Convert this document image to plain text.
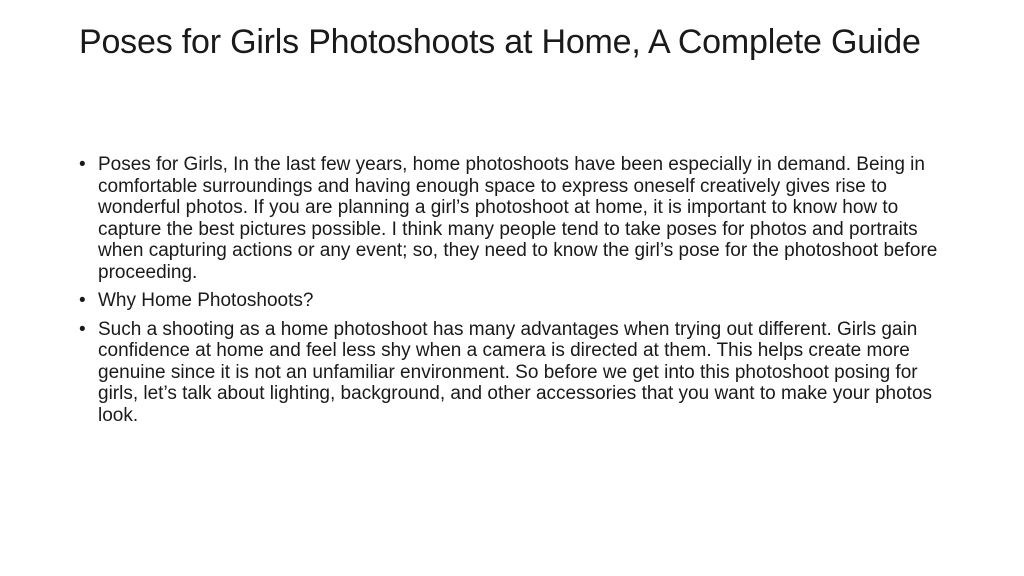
Poses for Girls Photoshoots at Home, A Complete Guide
• Poses for Girls, In the last few years, home photoshoots have been especially in demand. Being in comfortable surroundings and having enough space to express oneself creatively gives rise to wonderful photos. If you are planning a girl’s photoshoot at home, it is important to know how to capture the best pictures possible. I think many people tend to take poses for photos and portraits when capturing actions or any event; so, they need to know the girl’s pose for the photoshoot before proceeding.
• Why Home Photoshoots?
• Such a shooting as a home photoshoot has many advantages when trying out different. Girls gain confidence at home and feel less shy when a camera is directed at them. This helps create more genuine since it is not an unfamiliar environment. So before we get into this photoshoot posing for girls, let’s talk about lighting, background, and other accessories that you want to make your photos look.
